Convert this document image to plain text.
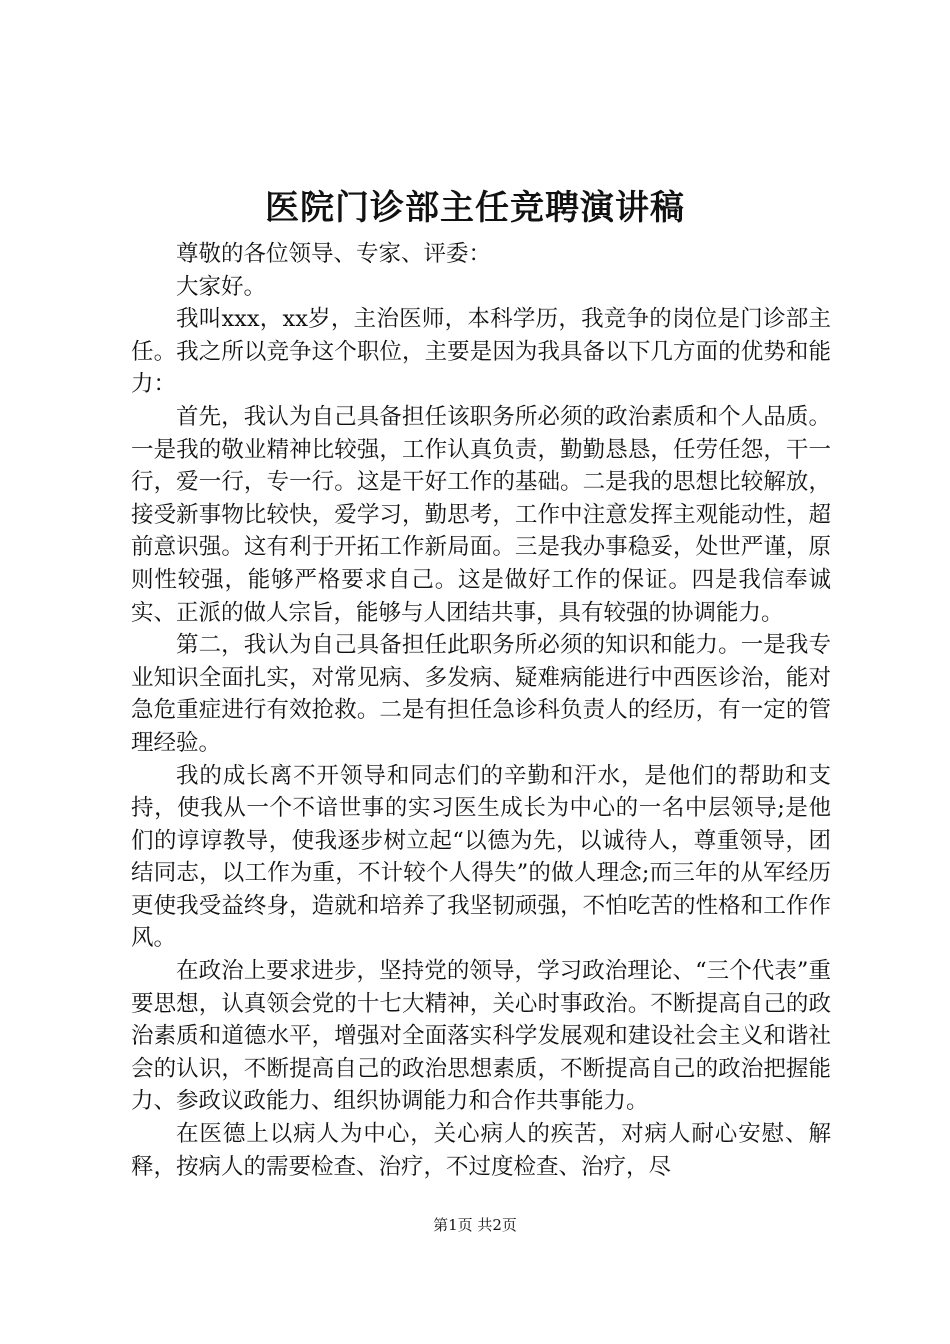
医院门诊部主任竞聘演讲稿

尊敬的各位领导、专家、评委：

大家好。

我叫xxx，xx岁，主治医师，本科学历，我竞争的岗位是门诊部主任。我之所以竞争这个职位，主要是因为我具备以下几方面的优势和能力：

首先，我认为自己具备担任该职务所必须的政治素质和个人品质。一是我的敬业精神比较强，工作认真负责，勤勤恳恳，任劳任怨，干一行，爱一行，专一行。这是干好工作的基础。二是我的思想比较解放，接受新事物比较快，爱学习，勤思考，工作中注意发挥主观能动性，超前意识强。这有利于开拓工作新局面。三是我办事稳妥，处世严谨，原则性较强，能够严格要求自己。这是做好工作的保证。四是我信奉诚实、正派的做人宗旨，能够与人团结共事，具有较强的协调能力。

第二，我认为自己具备担任此职务所必须的知识和能力。一是我专业知识全面扎实，对常见病、多发病、疑难病能进行中西医诊治，能对急危重症进行有效抢救。二是有担任急诊科负责人的经历，有一定的管理经验。

我的成长离不开领导和同志们的辛勤和汗水，是他们的帮助和支持，使我从一个不谙世事的实习医生成长为中心的一名中层领导;是他们的谆谆教导，使我逐步树立起“以德为先，以诚待人，尊重领导，团结同志，以工作为重，不计较个人得失”的做人理念;而三年的从军经历更使我受益终身，造就和培养了我坚韧顽强，不怕吃苦的性格和工作作风。

在政治上要求进步，坚持党的领导，学习政治理论、“三个代表”重要思想，认真领会党的十七大精神，关心时事政治。不断提高自己的政治素质和道德水平，增强对全面落实科学发展观和建设社会主义和谐社会的认识，不断提高自己的政治思想素质，不断提高自己的政治把握能力、参政议政能力、组织协调能力和合作共事能力。

在医德上以病人为中心，关心病人的疾苦，对病人耐心安慰、解释，按病人的需要检查、治疗，不过度检查、治疗，尽

第1页 共2页
